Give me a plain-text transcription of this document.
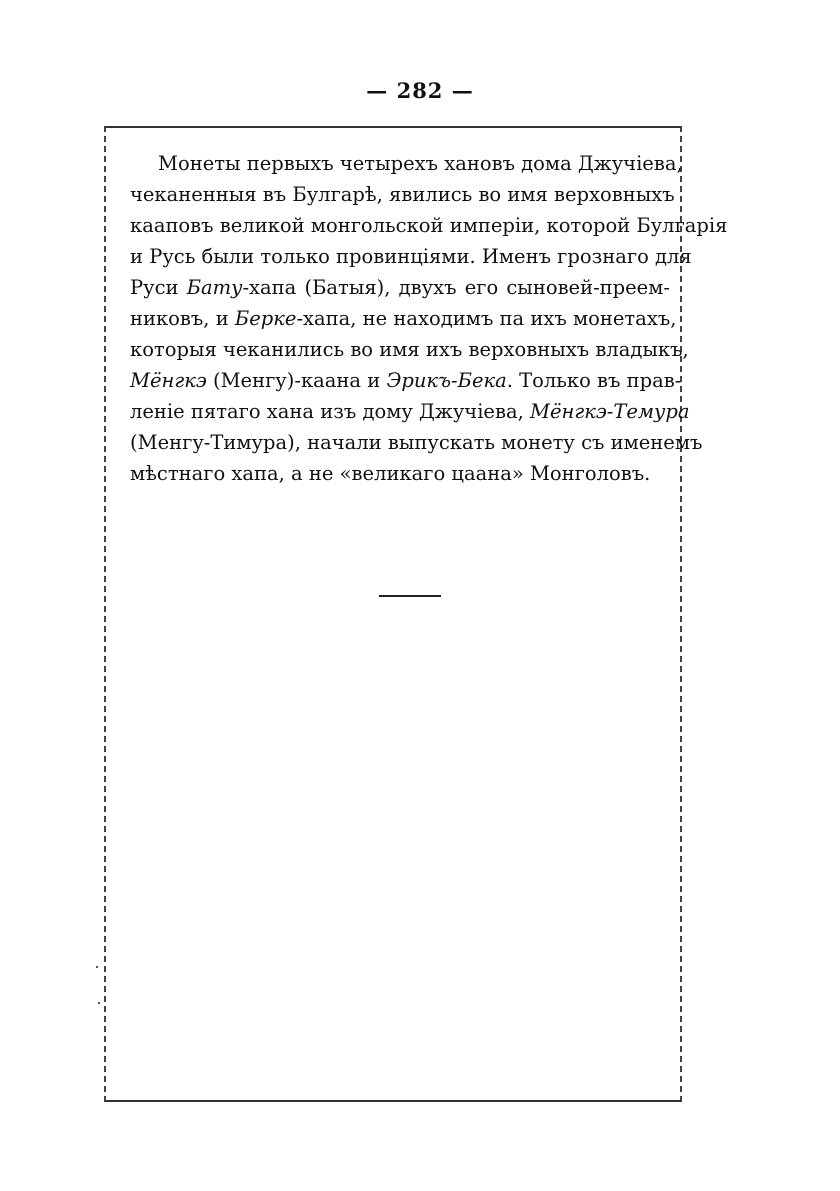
— 282 —
Монеты первыхъ четырехъ хановъ дома Джучiева,
чеканенныя въ Булгарѣ, явились во имя верховныхъ
кааповъ великой монгольской имперiи, которой Булгарiя
и Русь были только провинцiями. Именъ грознаго для
Руси Бату-хапа (Батыя), двухъ его сыновей-преем-
никовъ, и Берке-хапа, не находимъ па ихъ монетахъ,
которыя чеканились во имя ихъ верховныхъ владыкъ,
Мёнгкэ (Менгу)-каана и Эрикъ-Бека. Только въ прав-
ленiе пятаго хана изъ дому Джучiева, Мёнгкэ-Темура
(Менгу-Тимура), начали выпускать монету съ именемъ
мѣстнаго хапа, а не «великаго цаана» Монголовъ.
